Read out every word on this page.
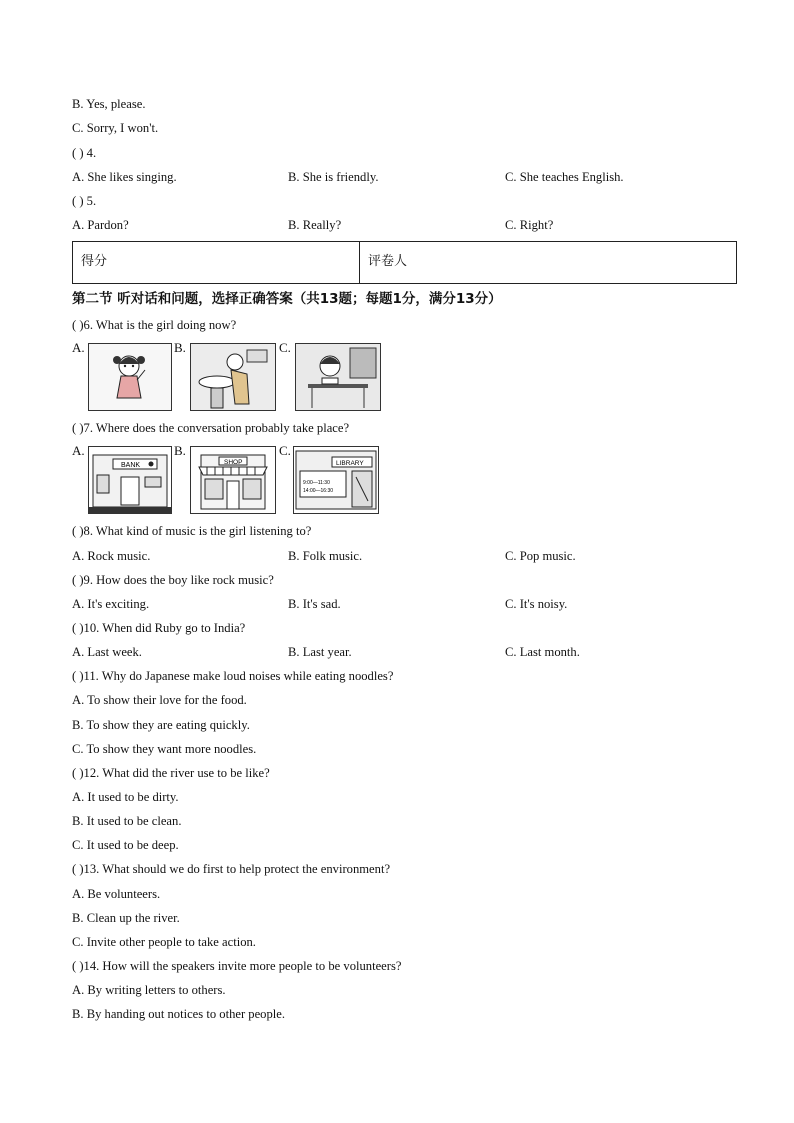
B. Yes, please.
C. Sorry, I won't.
( ) 4.
A. She likes singing.	B. She is friendly.	C. She teaches English.
( ) 5.
A. Pardon?	B. Really?	C. Right?
得分	评卷人
第二节 听对话和问题，选择正确答案（共13题；每题1分，满分13分）
( )6. What is the girl doing now?
A.	B.	C.
( )7. Where does the conversation probably take place?
A.
BANK
B.
SHOP
C.
LIBRARY
9:00—11:30
14:00—16:30
( )8. What kind of music is the girl listening to?
A. Rock music.	B. Folk music.	C. Pop music.
( )9. How does the boy like rock music?
A. It's exciting.	B. It's sad.	C. It's noisy.
( )10. When did Ruby go to India?
A. Last week.	B. Last year.	C. Last month.
( )11. Why do Japanese make loud noises while eating noodles?
A. To show their love for the food.
B. To show they are eating quickly.
C. To show they want more noodles.
( )12. What did the river use to be like?
A. It used to be dirty.
B. It used to be clean.
C. It used to be deep.
( )13. What should we do first to help protect the environment?
A. Be volunteers.
B. Clean up the river.
C. Invite other people to take action.
( )14. How will the speakers invite more people to be volunteers?
A. By writing letters to others.
B. By handing out notices to other people.
